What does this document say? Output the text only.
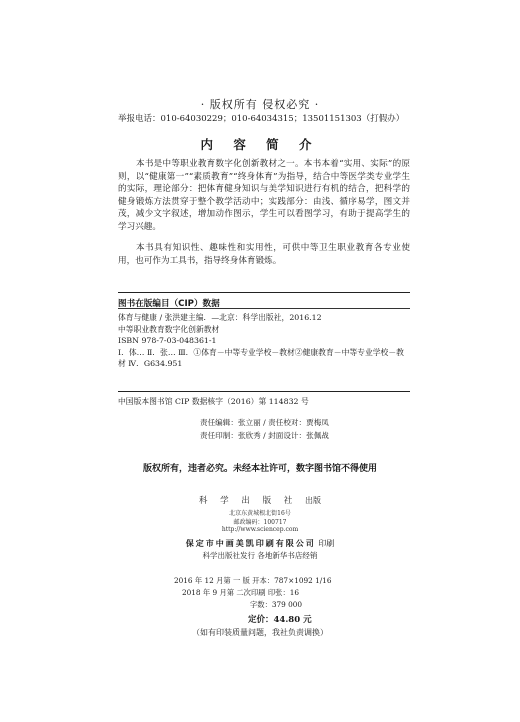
· 版权所有 侵权必究 ·
举报电话：010-64030229；010-64034315；13501151303（打假办）
内 容 简 介

本书是中等职业教育数字化创新教材之一。本书本着“实用、实际”的原则，以“健康第一”“素质教育”“终身体育”为指导，结合中等医学类专业学生的实际，理论部分：把体育健身知识与美学知识进行有机的结合，把科学的健身锻炼方法贯穿于整个教学活动中；实践部分：由浅、循序易学，图文并茂，减少文字叙述，增加动作图示，学生可以看图学习，有助于提高学生的学习兴趣。

本书具有知识性、趣味性和实用性，可供中等卫生职业教育各专业使用，也可作为工具书，指导终身体育锻炼。

图书在版编目（CIP）数据
体育与健康 / 张洪建主编．—北京：科学出版社，2016.12
中等职业教育数字化创新教材
ISBN 978-7-03-048361-1
Ⅰ．体… Ⅱ．张… Ⅲ．①体育－中等专业学校－教材②健康教育－中等专业学校－教材 Ⅳ．G634.951
中国版本图书馆 CIP 数据核字（2016）第 114832 号
责任编辑：张立丽 / 责任校对：贾梅凤
责任印制：张欣秀 / 封面设计：张佩战
版权所有，违者必究。未经本社许可，数字图书馆不得使用
科 学 出 版 社 出版
北京东黄城根北街16号
邮政编码：100717
http://www.sciencep.com
保定市中画美凯印刷有限公司 印刷
科学出版社发行 各地新华书店经销
2016 年 12 月第 一 版 开本：787×1092 1/16
2018 年 9 月第 二次印刷 印张：16
字数：379 000
定价：44.80 元
（如有印装质量问题，我社负责调换）
